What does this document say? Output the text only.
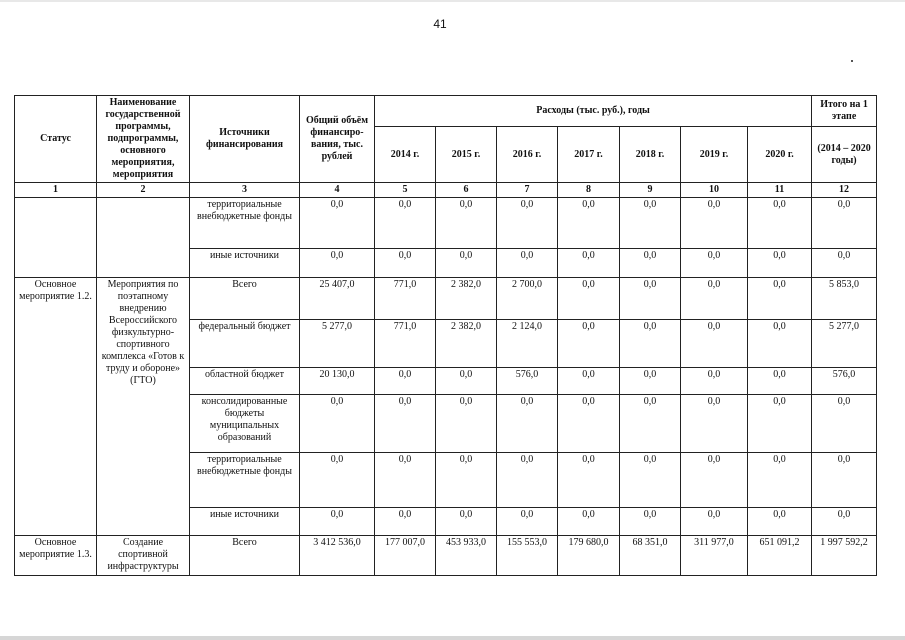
41
Статус	Наименование государственной программы, подпрограммы, основного мероприятия, мероприятия	Источники финансирования	Общий объём финансиро-вания, тыс. рублей	Расходы (тыс. руб.), годы							Итого на 1 этапе
				2014 г.	2015 г.	2016 г.	2017 г.	2018 г.	2019 г.	2020 г.	(2014 – 2020 годы)
1	2	3	4	5	6	7	8	9	10	11	12
		территориальные внебюджетные фонды	0,0	0,0	0,0	0,0	0,0	0,0	0,0	0,0	0,0
		иные источники	0,0	0,0	0,0	0,0	0,0	0,0	0,0	0,0	0,0
Основное мероприятие 1.2.	Мероприятия по поэтапному внедрению Всероссийского физкультурно-спортивного комплекса «Готов к труду и обороне» (ГТО)	Всего	25 407,0	771,0	2 382,0	2 700,0	0,0	0,0	0,0	0,0	5 853,0
		федеральный бюджет	5 277,0	771,0	2 382,0	2 124,0	0,0	0,0	0,0	0,0	5 277,0
		областной бюджет	20 130,0	0,0	0,0	576,0	0,0	0,0	0,0	0,0	576,0
		консолидированные бюджеты муниципальных образований	0,0	0,0	0,0	0,0	0,0	0,0	0,0	0,0	0,0
		территориальные внебюджетные фонды	0,0	0,0	0,0	0,0	0,0	0,0	0,0	0,0	0,0
		иные источники	0,0	0,0	0,0	0,0	0,0	0,0	0,0	0,0	0,0
Основное мероприятие 1.3.	Создание спортивной инфраструктуры	Всего	3 412 536,0	177 007,0	453 933,0	155 553,0	179 680,0	68 351,0	311 977,0	651 091,2	1 997 592,2
